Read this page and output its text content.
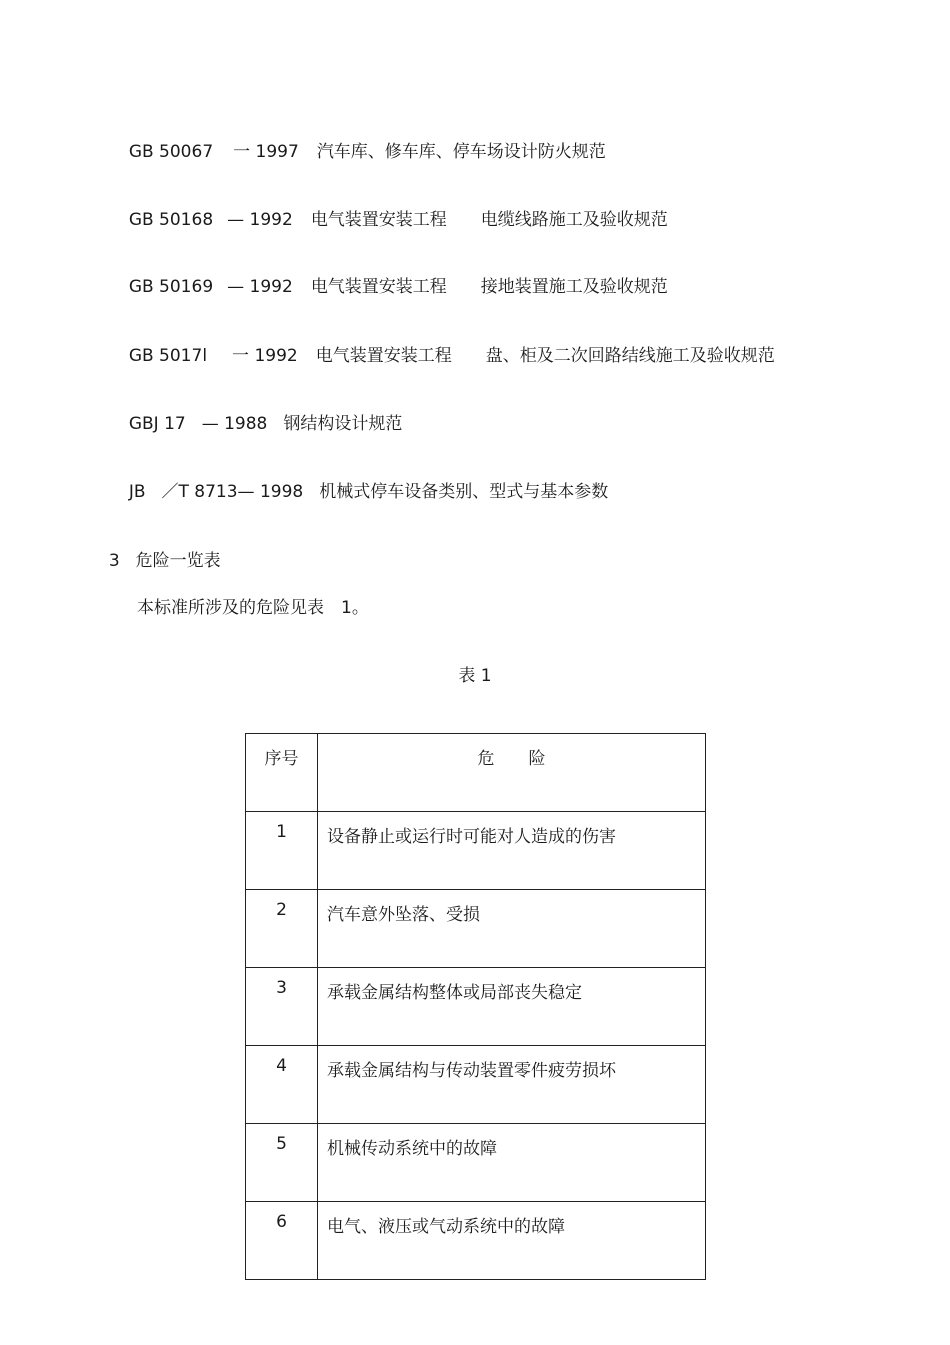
GB 50067 一 1997 汽车库、修车库、停车场设计防火规范

GB 50168 — 1992 电气装置安装工程　　电缆线路施工及验收规范

GB 50169 — 1992 电气装置安装工程　　接地装置施工及验收规范

GB 5017l　一 1992 电气装置安装工程　　盘、柜及二次回路结线施工及验收规范

GBJ 17 — 1988 钢结构设计规范

JB ／T 8713— 1998 机械式停车设备类别、型式与基本参数

3 危险一览表

本标准所涉及的危险见表　1。
表 1
序号	危　　险
1	设备静止或运行时可能对人造成的伤害
2	汽车意外坠落、受损
3	承载金属结构整体或局部丧失稳定
4	承载金属结构与传动装置零件疲劳损坏
5	机械传动系统中的故障
6	电气、液压或气动系统中的故障
